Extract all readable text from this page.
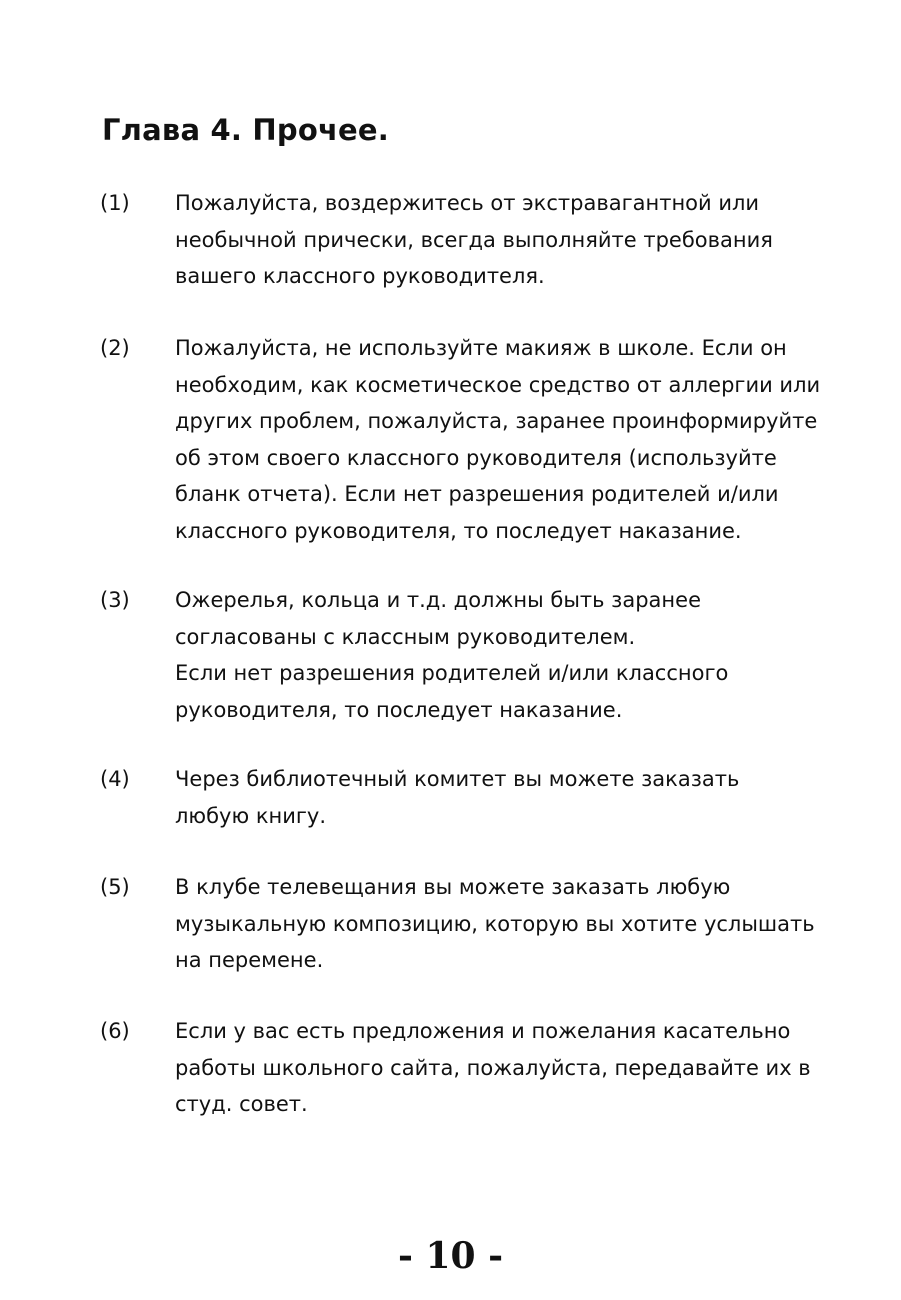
Глава 4. Прочее.
(1)	Пожалуйста, воздержитесь от экстравагантной или
необычной прически, всегда выполняйте требования
вашего классного руководителя.
(2)	Пожалуйста, не используйте макияж в школе. Если он
необходим, как косметическое средство от аллергии или
других проблем, пожалуйста, заранее проинформируйте
об этом своего классного руководителя (используйте
бланк отчета). Если нет разрешения родителей и/или
классного руководителя, то последует наказание.
(3)	Ожерелья, кольца и т.д. должны быть заранее
согласованы с классным руководителем.
Если нет разрешения родителей и/или классного
руководителя, то последует наказание.
(4)	Через библиотечный комитет вы можете заказать
любую книгу.
(5)	В клубе телевещания вы можете заказать любую
музыкальную композицию, которую вы хотите услышать
на перемене.
(6)	Если у вас есть предложения и пожелания касательно
работы школьного сайта, пожалуйста, передавайте их в
студ. совет.
- 10 -
